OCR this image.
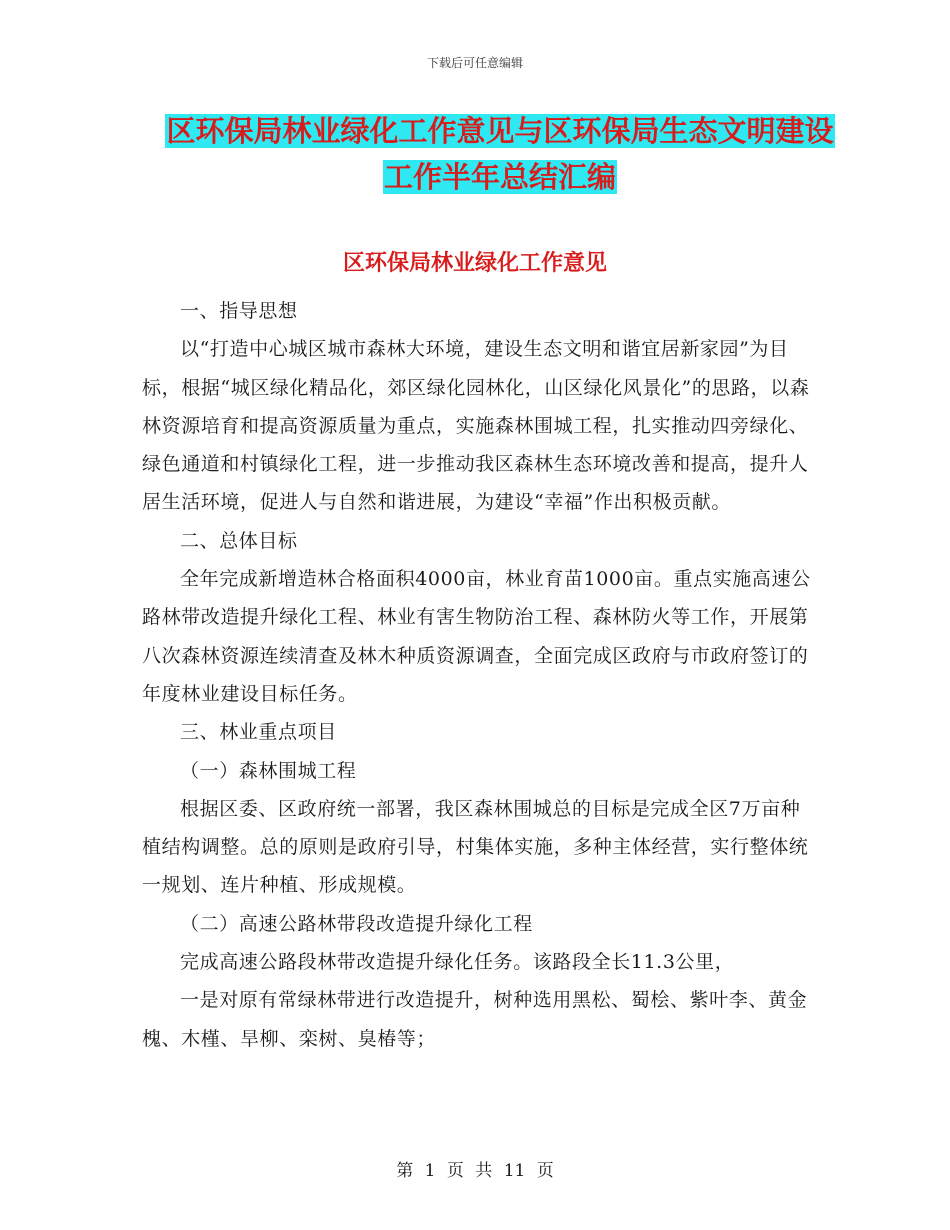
下载后可任意编辑
区环保局林业绿化工作意见与区环保局生态文明建设
工作半年总结汇编
区环保局林业绿化工作意见

一、指导思想

以“打造中心城区城市森林大环境，建设生态文明和谐宜居新家园”为目标，根据“城区绿化精品化，郊区绿化园林化，山区绿化风景化”的思路，以森林资源培育和提高资源质量为重点，实施森林围城工程，扎实推动四旁绿化、绿色通道和村镇绿化工程，进一步推动我区森林生态环境改善和提高，提升人居生活环境，促进人与自然和谐进展，为建设“幸福”作出积极贡献。

二、总体目标

全年完成新增造林合格面积4000亩，林业育苗1000亩。重点实施高速公路林带改造提升绿化工程、林业有害生物防治工程、森林防火等工作，开展第八次森林资源连续清查及林木种质资源调查，全面完成区政府与市政府签订的年度林业建设目标任务。

三、林业重点项目

（一）森林围城工程

根据区委、区政府统一部署，我区森林围城总的目标是完成全区7万亩种植结构调整。总的原则是政府引导，村集体实施，多种主体经营，实行整体统一规划、连片种植、形成规模。

（二）高速公路林带段改造提升绿化工程

完成高速公路段林带改造提升绿化任务。该路段全长11.3公里，

一是对原有常绿林带进行改造提升，树种选用黑松、蜀桧、紫叶李、黄金槐、木槿、旱柳、栾树、臭椿等；

第 1 页 共 11 页
